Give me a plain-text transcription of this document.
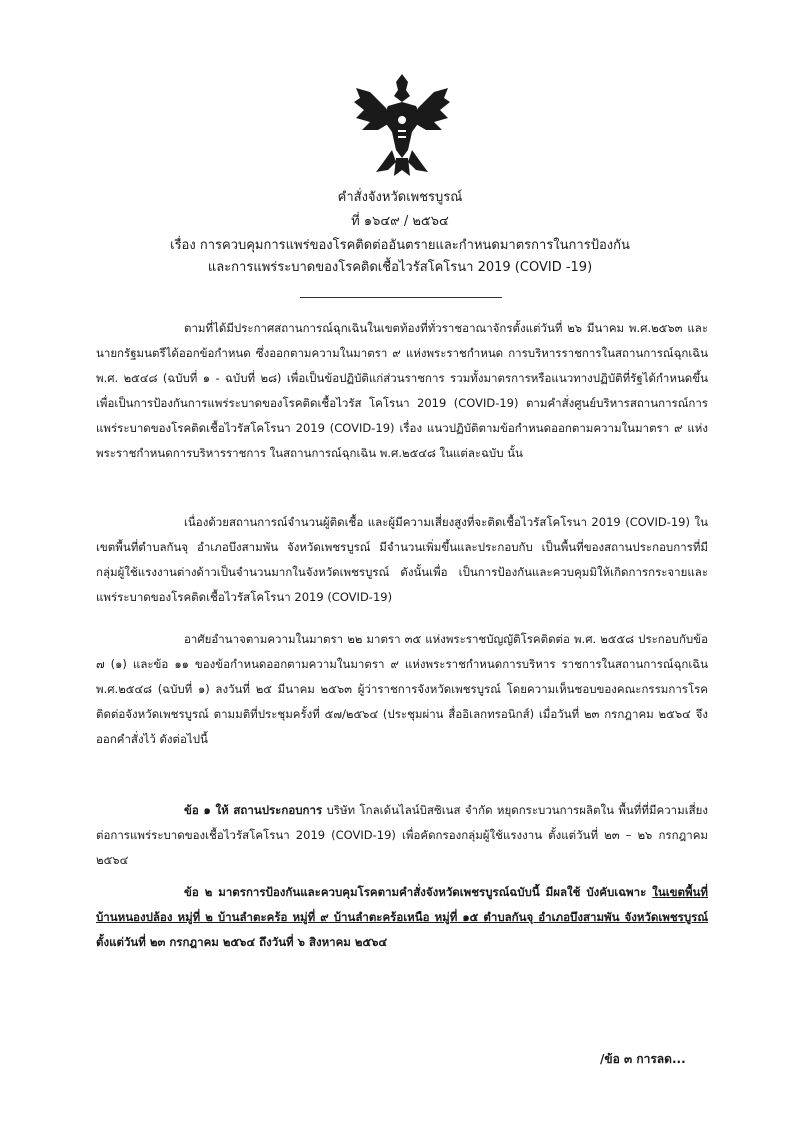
คำสั่งจังหวัดเพชรบูรณ์
ที่ ๑๖๔๙ / ๒๕๖๔
เรื่อง การควบคุมการแพร่ของโรคติดต่ออันตรายและกำหนดมาตรการในการป้องกัน
และการแพร่ระบาดของโรคติดเชื้อไวรัสโคโรนา 2019 (COVID -19)
ตามที่ได้มีประกาศสถานการณ์ฉุกเฉินในเขตท้องที่ทั่วราชอาณาจักรตั้งแต่วันที่ ๒๖ มีนาคม พ.ศ.๒๕๖๓ และนายกรัฐมนตรีได้ออกข้อกำหนด ซึ่งออกตามความในมาตรา ๙ แห่งพระราชกำหนด การบริหารราชการในสถานการณ์ฉุกเฉิน พ.ศ. ๒๕๔๘ (ฉบับที่ ๑ - ฉบับที่ ๒๘) เพื่อเป็นข้อปฏิบัติแก่ส่วนราชการ รวมทั้งมาตรการหรือแนวทางปฏิบัติที่รัฐได้กำหนดขึ้นเพื่อเป็นการป้องกันการแพร่ระบาดของโรคติดเชื้อไวรัส โคโรนา 2019 (COVID-19) ตามคำสั่งศูนย์บริหารสถานการณ์การแพร่ระบาดของโรคติดเชื้อไวรัสโคโรนา 2019 (COVID-19) เรื่อง แนวปฏิบัติตามข้อกำหนดออกตามความในมาตรา ๙ แห่งพระราชกำหนดการบริหารราชการ ในสถานการณ์ฉุกเฉิน พ.ศ.๒๕๔๘ ในแต่ละฉบับ นั้น
เนื่องด้วยสถานการณ์จำนวนผู้ติดเชื้อ และผู้มีความเสี่ยงสูงที่จะติดเชื้อไวรัสโคโรนา 2019 (COVID-19) ในเขตพื้นที่ตำบลกันจุ อำเภอบึงสามพัน จังหวัดเพชรบูรณ์ มีจำนวนเพิ่มขึ้นและประกอบกับ เป็นพื้นที่ของสถานประกอบการที่มีกลุ่มผู้ใช้แรงงานต่างด้าวเป็นจำนวนมากในจังหวัดเพชรบูรณ์ ดังนั้นเพื่อ เป็นการป้องกันและควบคุมมิให้เกิดการกระจายและแพร่ระบาดของโรคติดเชื้อไวรัสโคโรนา 2019 (COVID-19)
อาศัยอำนาจตามความในมาตรา ๒๒ มาตรา ๓๕ แห่งพระราชบัญญัติโรคติดต่อ พ.ศ. ๒๕๕๘ ประกอบกับข้อ ๗ (๑) และข้อ ๑๑ ของข้อกำหนดออกตามความในมาตรา ๙ แห่งพระราชกำหนดการบริหาร ราชการในสถานการณ์ฉุกเฉิน พ.ศ.๒๕๔๘ (ฉบับที่ ๑) ลงวันที่ ๒๕ มีนาคม ๒๕๖๓ ผู้ว่าราชการจังหวัดเพชรบูรณ์ โดยความเห็นชอบของคณะกรรมการโรคติดต่อจังหวัดเพชรบูรณ์ ตามมติที่ประชุมครั้งที่ ๕๗/๒๕๖๔ (ประชุมผ่าน สื่ออิเลกทรอนิกส์) เมื่อวันที่ ๒๓ กรกฎาคม ๒๕๖๔ จึงออกคำสั่งไว้ ดังต่อไปนี้
ข้อ ๑ ให้ สถานประกอบการ บริษัท โกลเด้นไลน์บิสซิเนส จำกัด หยุดกระบวนการผลิตใน พื้นที่ที่มีความเสี่ยงต่อการแพร่ระบาดของเชื้อไวรัสโคโรนา 2019 (COVID-19) เพื่อคัดกรองกลุ่มผู้ใช้แรงงาน ตั้งแต่วันที่ ๒๓ – ๒๖ กรกฎาคม ๒๕๖๔
ข้อ ๒ มาตรการป้องกันและควบคุมโรคตามคำสั่งจังหวัดเพชรบูรณ์ฉบับนี้ มีผลใช้ บังคับเฉพาะ ในเขตพื้นที่ บ้านหนองปล้อง หมู่ที่ ๒ บ้านลำตะคร้อ หมู่ที่ ๙ บ้านลำตะคร้อเหนือ หมู่ที่ ๑๕ ตำบลกันจุ อำเภอบึงสามพัน จังหวัดเพชรบูรณ์ ตั้งแต่วันที่ ๒๓ กรกฎาคม ๒๕๖๔ ถึงวันที่ ๖ สิงหาคม ๒๕๖๔
/ข้อ ๓ การลด...
